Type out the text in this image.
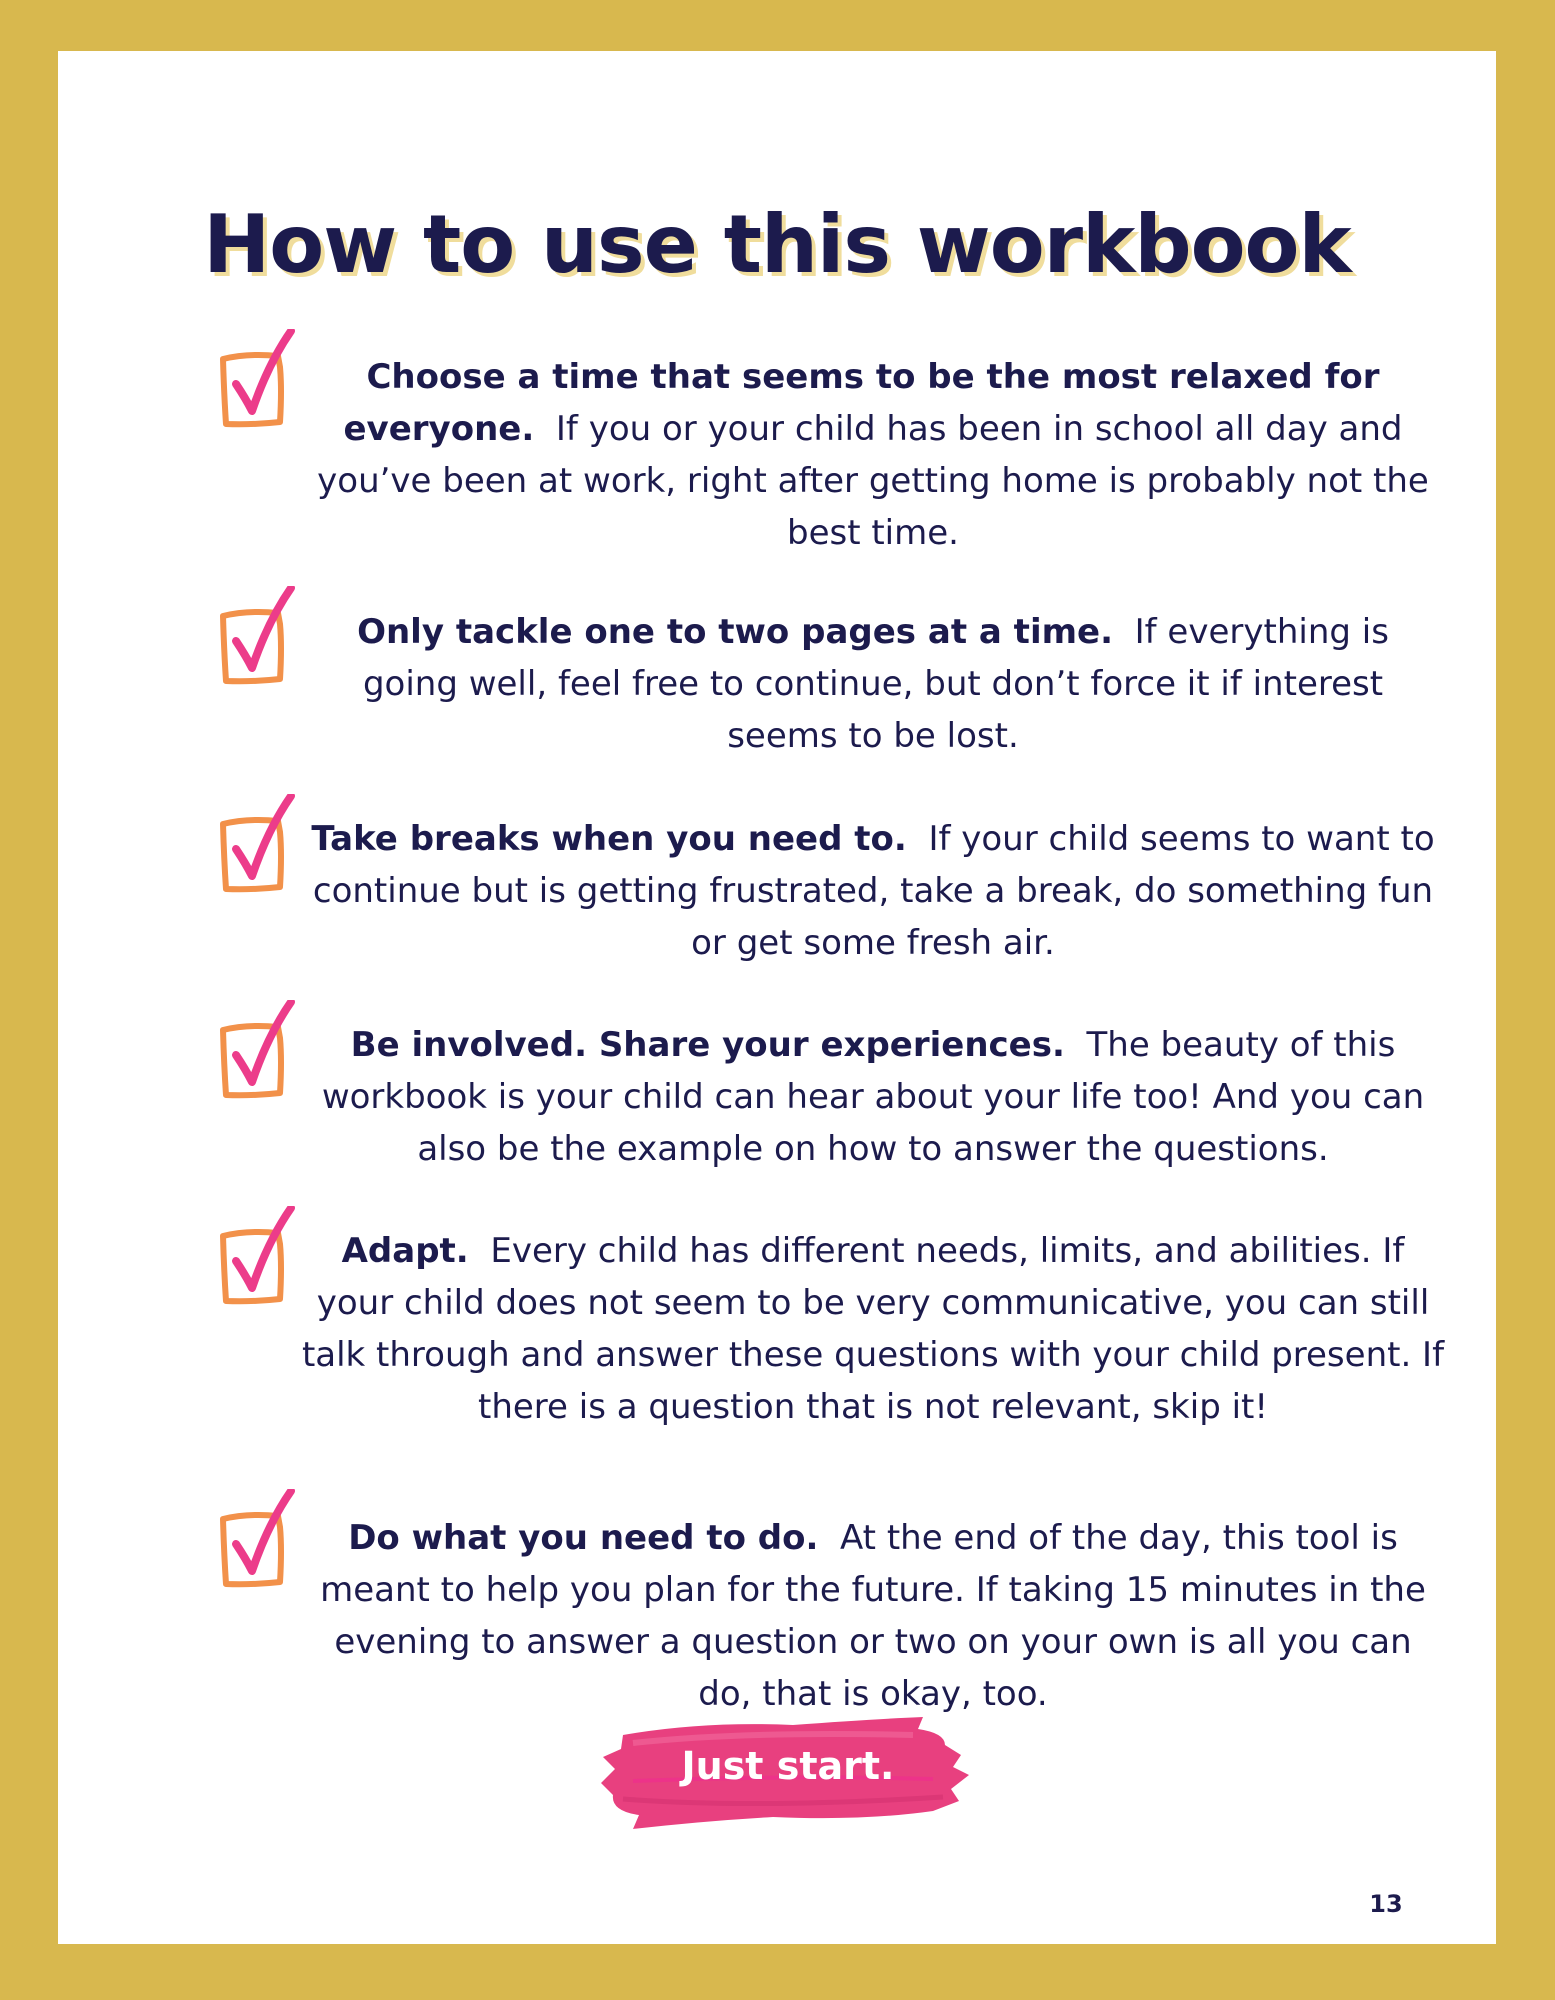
How to use this workbook

Choose a time that seems to be the most relaxed for everyone. If you or your child has been in school all day and you’ve been at work, right after getting home is probably not the best time.

Only tackle one to two pages at a time. If everything is going well, feel free to continue, but don’t force it if interest seems to be lost.

Take breaks when you need to. If your child seems to want to continue but is getting frustrated, take a break, do something fun or get some fresh air.

Be involved. Share your experiences. The beauty of this workbook is your child can hear about your life too! And you can also be the example on how to answer the questions.

Adapt. Every child has different needs, limits, and abilities. If your child does not seem to be very communicative, you can still talk through and answer these questions with your child present. If there is a question that is not relevant, skip it!

Do what you need to do. At the end of the day, this tool is meant to help you plan for the future. If taking 15 minutes in the evening to answer a question or two on your own is all you can do, that is okay, too.

Just start.
13
